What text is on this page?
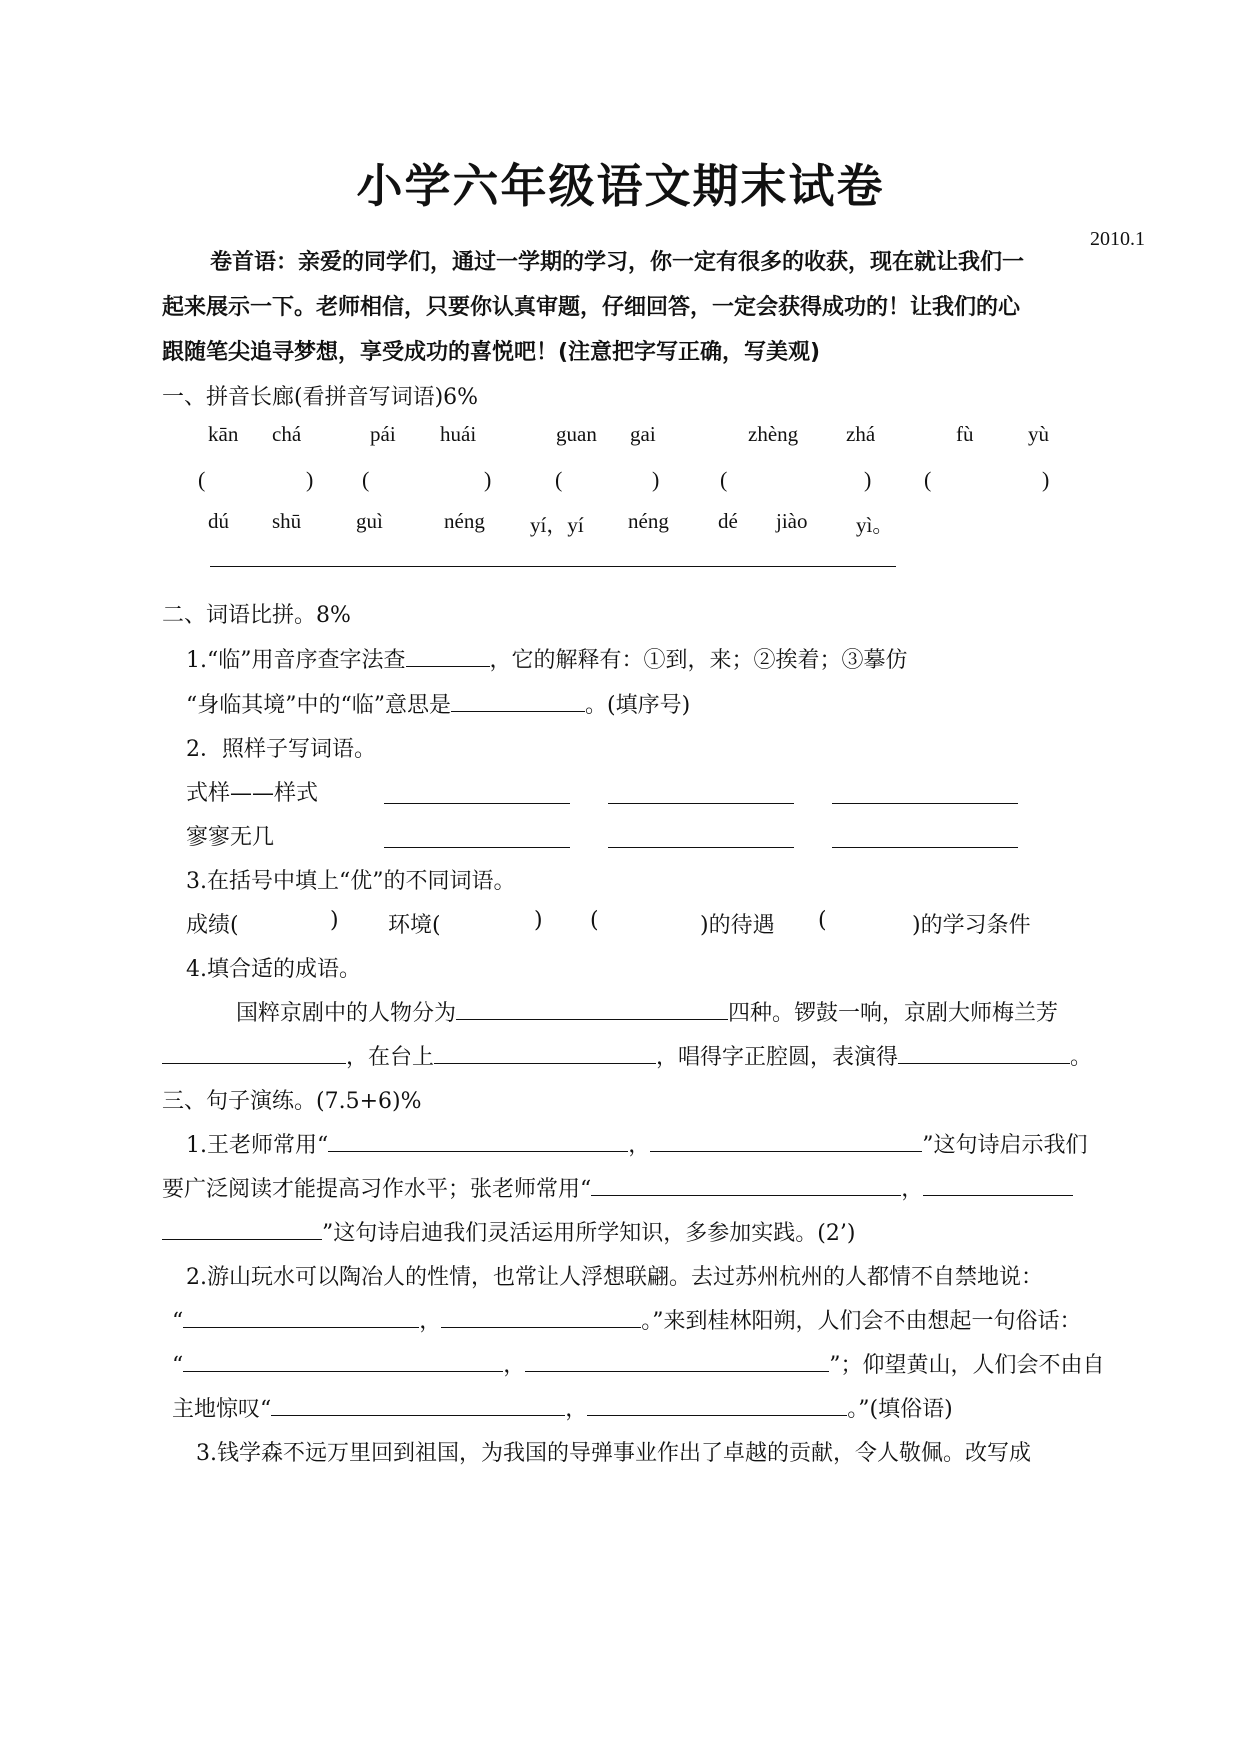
小学六年级语文期末试卷
2010.1
卷首语：亲爱的同学们，通过一学期的学习，你一定有很多的收获，现在就让我们一
起来展示一下。老师相信，只要你认真审题，仔细回答，一定会获得成功的！让我们的心
跟随笔尖追寻梦想，享受成功的喜悦吧！(注意把字写正确，写美观)
一、拼音长廊(看拼音写词语)6%
kān chá	pái huái	guan gai	zhèng zhá	fù	yù
(	) (	)	(	)	(	) (	)
dú shū	guì	néng yí，yí néng dé jiào yì。
二、词语比拼。8%
1.“临”用音序查字法查	，它的解释有：①到，来；②挨着；③摹仿
“身临其境”中的“临”意思是	。(填序号)
2．照样子写词语。
式样——样式
寥寥无几
3.在括号中填上“优”的不同词语。
成绩(	) 环境(	) (	)的待遇 (	)的学习条件
4.填合适的成语。
国粹京剧中的人物分为	四种。锣鼓一响，京剧大师梅兰芳
，在台上	，唱得字正腔圆，表演得	。
三、句子演练。(7.5+6)%
1.王老师常用“	，	”这句诗启示我们
要广泛阅读才能提高习作水平；张老师常用“	，
”这句诗启迪我们灵活运用所学知识，多参加实践。(2’)
2.游山玩水可以陶冶人的性情，也常让人浮想联翩。去过苏州杭州的人都情不自禁地说：
“	，	。”来到桂林阳朔，人们会不由想起一句俗话：
“	，	”；仰望黄山，人们会不由自
主地惊叹“	，	。”(填俗语)
3.钱学森不远万里回到祖国，为我国的导弹事业作出了卓越的贡献，令人敬佩。改写成
